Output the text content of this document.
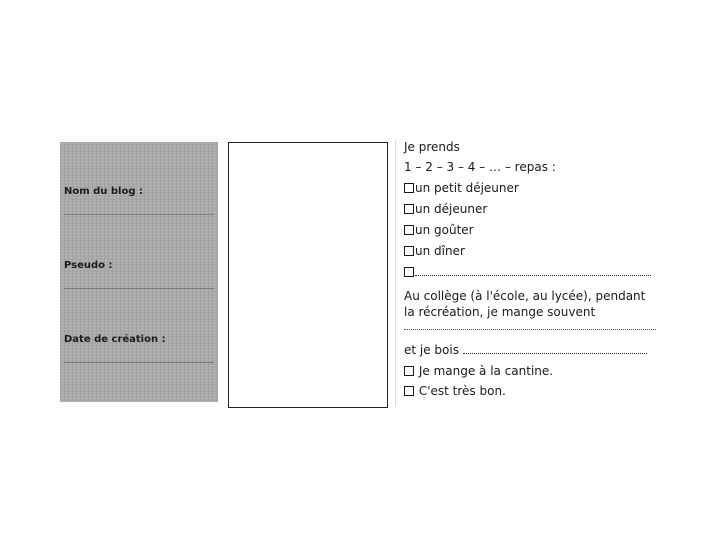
Nom du blog :
Pseudo :
Date de création :
Je prends
1 – 2 – 3 – 4 – … – repas :
un petit déjeuner
un déjeuner
un goûter
un dîner
Au collège (à l'école, au lycée), pendant
la récréation, je mange souvent
et je bois
Je mange à la cantine.
C'est très bon.
